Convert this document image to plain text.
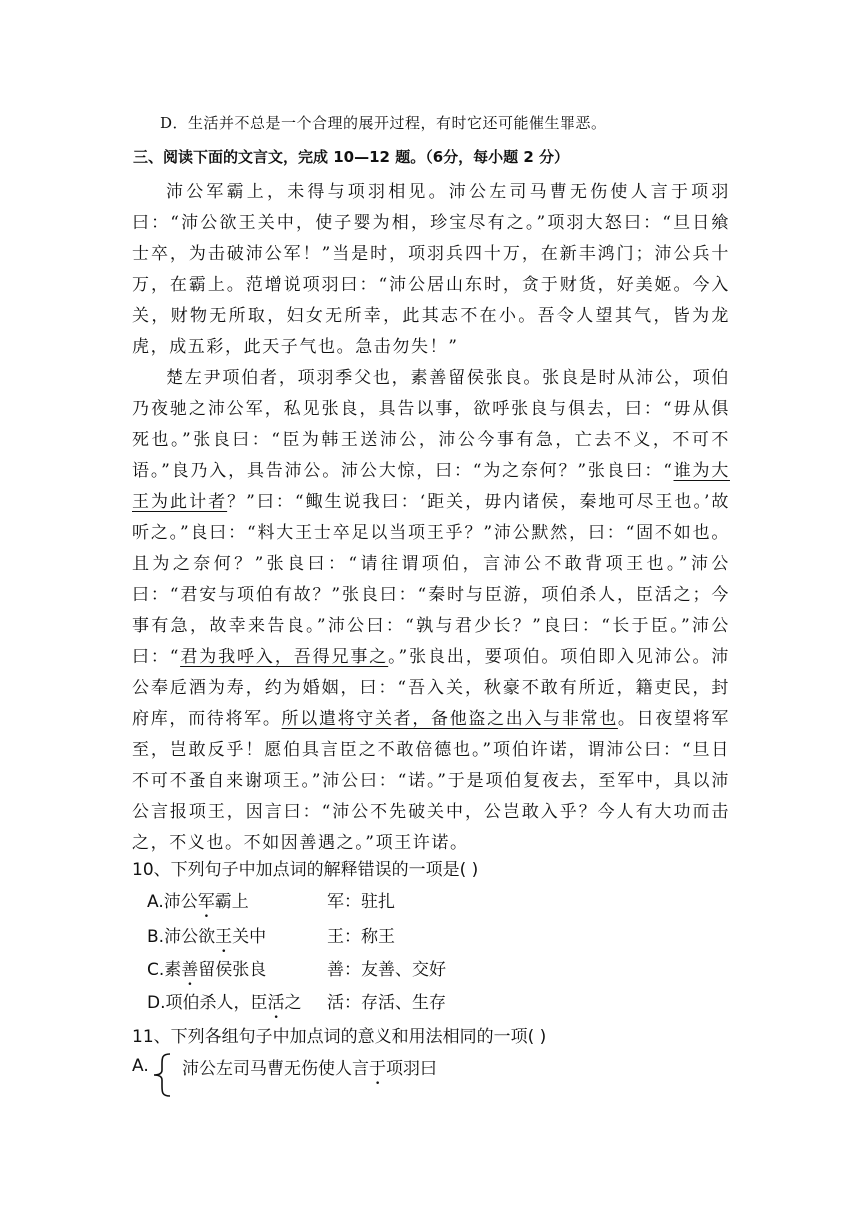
D．生活并不总是一个合理的展开过程，有时它还可能催生罪恶。
三、阅读下面的文言文，完成 10—12 题。（6分，每小题 2 分）

沛公军霸上，未得与项羽相见。沛公左司马曹无伤使人言于项羽曰：“沛公欲王关中，使子婴为相，珍宝尽有之。”项羽大怒曰：“旦日飨士卒，为击破沛公军！”当是时，项羽兵四十万，在新丰鸿门；沛公兵十万，在霸上。范增说项羽曰：“沛公居山东时，贪于财货，好美姬。今入关，财物无所取，妇女无所幸，此其志不在小。吾令人望其气，皆为龙虎，成五彩，此天子气也。急击勿失！”

楚左尹项伯者，项羽季父也，素善留侯张良。张良是时从沛公，项伯乃夜驰之沛公军，私见张良，具告以事，欲呼张良与俱去，曰：“毋从俱死也。”张良曰：“臣为韩王送沛公，沛公今事有急，亡去不义，不可不语。”良乃入，具告沛公。沛公大惊，曰：“为之奈何？”张良曰：“谁为大王为此计者？”曰：“鲰生说我曰：‘距关，毋内诸侯，秦地可尽王也。’故听之。”良曰：“料大王士卒足以当项王乎？”沛公默然，曰：“固不如也。且为之奈何？”张良曰：“请往谓项伯，言沛公不敢背项王也。”沛公曰：“君安与项伯有故？”张良曰：“秦时与臣游，项伯杀人，臣活之；今事有急，故幸来告良。”沛公曰：“孰与君少长？”良曰：“长于臣。”沛公曰：“君为我呼入，吾得兄事之。”张良出，要项伯。项伯即入见沛公。沛公奉卮酒为寿，约为婚姻，曰：“吾入关，秋豪不敢有所近，籍吏民，封府库，而待将军。所以遣将守关者，备他盗之出入与非常也。日夜望将军至，岂敢反乎！愿伯具言臣之不敢倍德也。”项伯许诺，谓沛公曰：“旦日不可不蚤自来谢项王。”沛公曰：“诺。”于是项伯复夜去，至军中，具以沛公言报项王，因言曰：“沛公不先破关中，公岂敢入乎？今人有大功而击之，不义也。不如因善遇之。”项王许诺。

10、下列句子中加点词的解释错误的一项是( )
A.沛公军霸上	军：驻扎
B.沛公欲王关中	王：称王
C.素善留侯张良	善：友善、交好
D.项伯杀人，臣活之 活：存活、生存
11、下列各组句子中加点词的意义和用法相同的一项( )
A. 沛公左司马曹无伤使人言于项羽曰
